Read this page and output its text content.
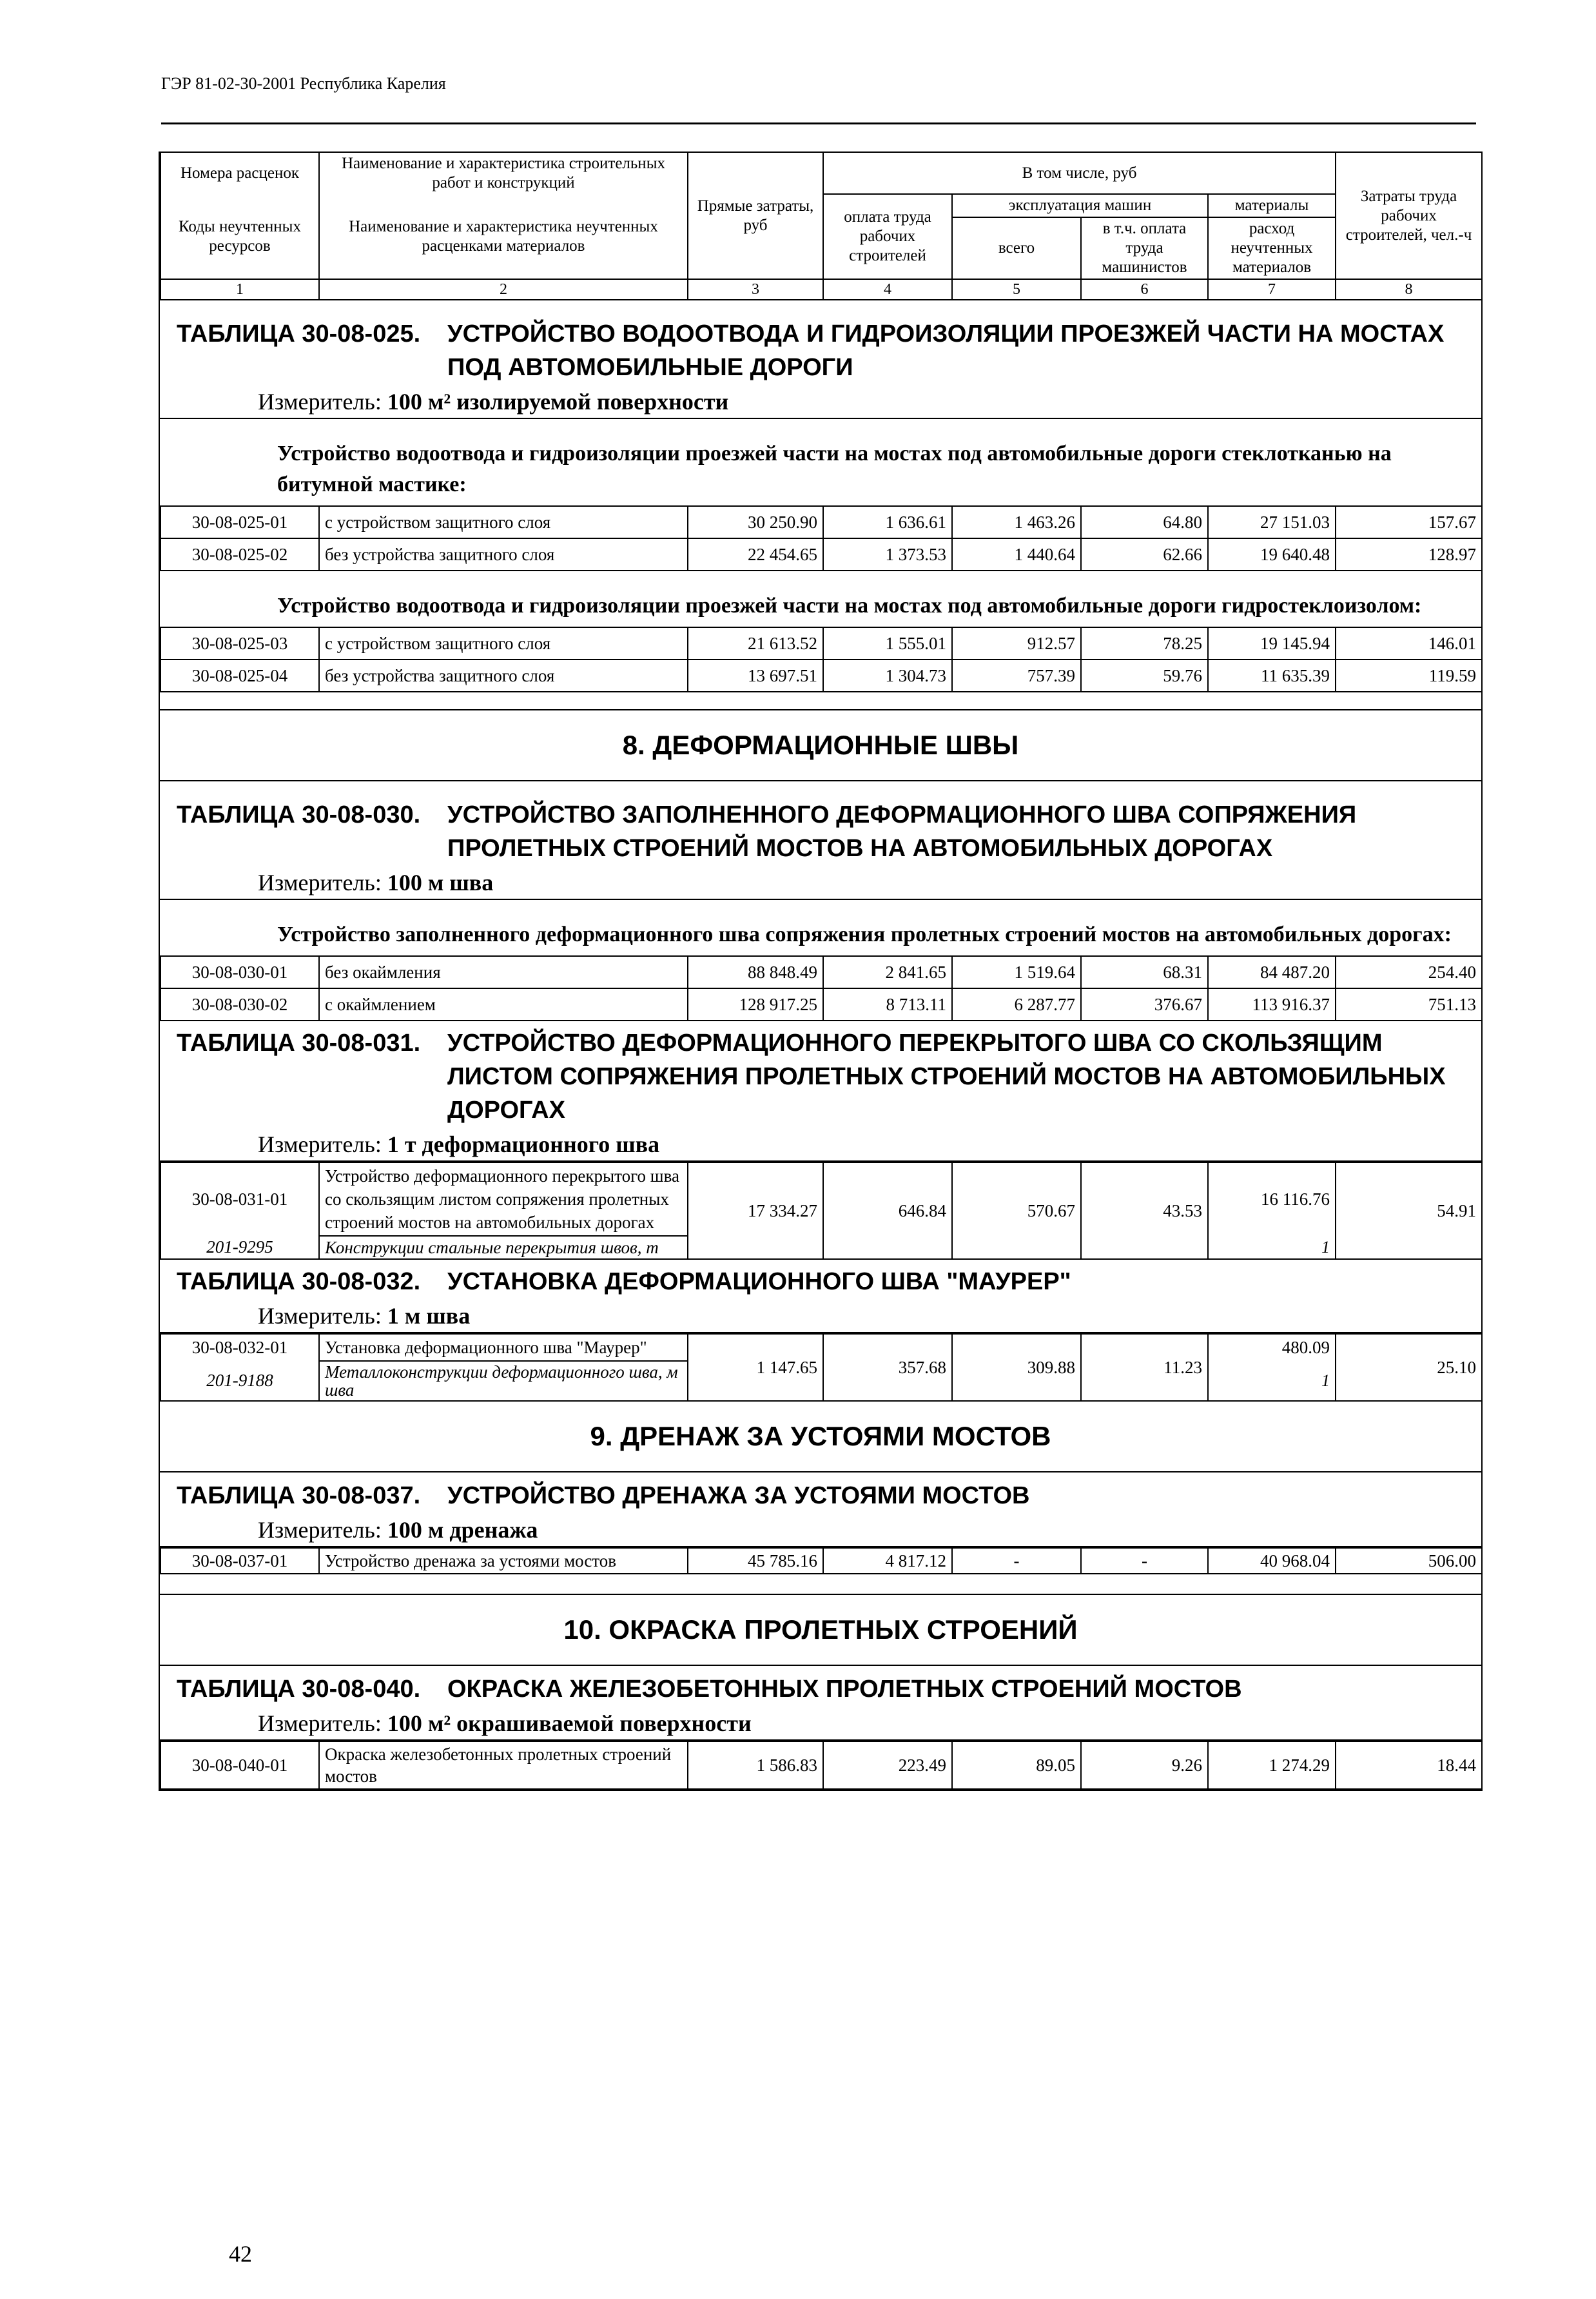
ГЭР 81-02-30-2001 Республика Карелия
Номера расценок	Наименование и характеристика строительных работ и конструкций	Прямые затраты, руб	В том числе, руб				Затраты труда рабочих строителей, чел.-ч
Коды неучтенных ресурсов	Наименование и характеристика неучтенных расценками материалов		оплата труда рабочих строителей	эксплуатация машин		материалы	
				всего	в т.ч. оплата труда машинистов	расход неучтенных материалов	
1	2	3	4	5	6	7	8
ТАБЛИЦА 30-08-025. УСТРОЙСТВО ВОДООТВОДА И ГИДРОИЗОЛЯЦИИ ПРОЕЗЖЕЙ ЧАСТИ НА МОСТАХ ПОД АВТОМОБИЛЬНЫЕ ДОРОГИ
Измеритель: 100 м² изолируемой поверхности
Устройство водоотвода и гидроизоляции проезжей части на мостах под автомобильные дороги стеклотканью на битумной мастике:
30-08-025-01	с устройством защитного слоя	30 250.90	1 636.61	1 463.26	64.80	27 151.03	157.67
30-08-025-02	без устройства защитного слоя	22 454.65	1 373.53	1 440.64	62.66	19 640.48	128.97
Устройство водоотвода и гидроизоляции проезжей части на мостах под автомобильные дороги гидростеклоизолом:
30-08-025-03	с устройством защитного слоя	21 613.52	1 555.01	912.57	78.25	19 145.94	146.01
30-08-025-04	без устройства защитного слоя	13 697.51	1 304.73	757.39	59.76	11 635.39	119.59
8. ДЕФОРМАЦИОННЫЕ ШВЫ
ТАБЛИЦА 30-08-030. УСТРОЙСТВО ЗАПОЛНЕННОГО ДЕФОРМАЦИОННОГО ШВА СОПРЯЖЕНИЯ ПРОЛЕТНЫХ СТРОЕНИЙ МОСТОВ НА АВТОМОБИЛЬНЫХ ДОРОГАХ
Измеритель: 100 м шва
Устройство заполненного деформационного шва сопряжения пролетных строений мостов на автомобильных дорогах:
30-08-030-01	без окаймления	88 848.49	2 841.65	1 519.64	68.31	84 487.20	254.40
30-08-030-02	с окаймлением	128 917.25	8 713.11	6 287.77	376.67	113 916.37	751.13
ТАБЛИЦА 30-08-031. УСТРОЙСТВО ДЕФОРМАЦИОННОГО ПЕРЕКРЫТОГО ШВА СО СКОЛЬЗЯЩИМ ЛИСТОМ СОПРЯЖЕНИЯ ПРОЛЕТНЫХ СТРОЕНИЙ МОСТОВ НА АВТОМОБИЛЬНЫХ ДОРОГАХ
Измеритель: 1 т деформационного шва
30-08-031-01	Устройство деформационного перекрытого шва со скользящим листом сопряжения пролетных строений мостов на автомобильных дорогах	17 334.27	646.84	570.67	43.53	16 116.76	54.91
201-9295	Конструкции стальные перекрытия швов, т					1	
ТАБЛИЦА 30-08-032. УСТАНОВКА ДЕФОРМАЦИОННОГО ШВА "МАУРЕР"
Измеритель: 1 м шва
30-08-032-01	Установка деформационного шва "Маурер"	1 147.65	357.68	309.88	11.23	480.09	25.10
201-9188	Металлоконструкции деформационного шва, м шва					1	
9. ДРЕНАЖ ЗА УСТОЯМИ МОСТОВ
ТАБЛИЦА 30-08-037. УСТРОЙСТВО ДРЕНАЖА ЗА УСТОЯМИ МОСТОВ
Измеритель: 100 м дренажа
30-08-037-01	Устройство дренажа за устоями мостов	45 785.16	4 817.12	-	-	40 968.04	506.00
10. ОКРАСКА ПРОЛЕТНЫХ СТРОЕНИЙ
ТАБЛИЦА 30-08-040. ОКРАСКА ЖЕЛЕЗОБЕТОННЫХ ПРОЛЕТНЫХ СТРОЕНИЙ МОСТОВ
Измеритель: 100 м² окрашиваемой поверхности
30-08-040-01	Окраска железобетонных пролетных строений мостов	1 586.83	223.49	89.05	9.26	1 274.29	18.44
42
